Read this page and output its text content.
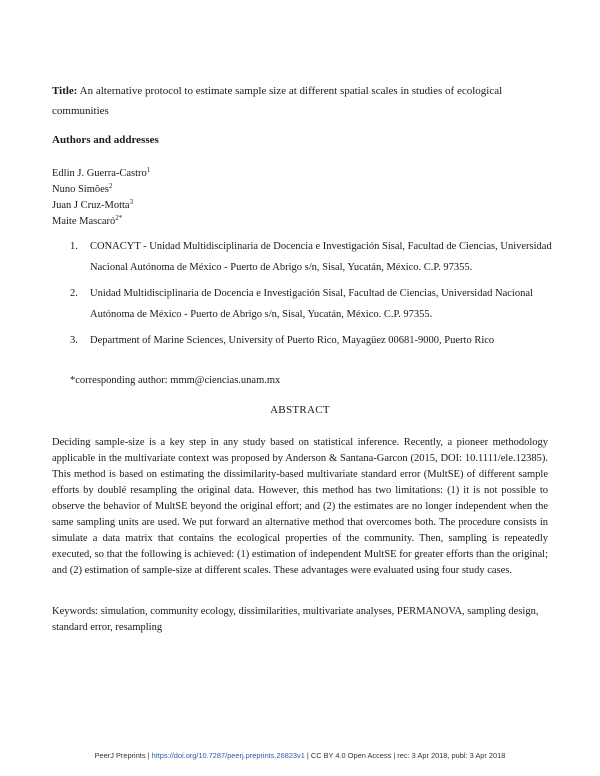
Title: An alternative protocol to estimate sample size at different spatial scales in studies of ecological communities
Authors and addresses
Edlin J. Guerra-Castro$^1$
Nuno Simões$^2$
Juan J Cruz-Motta$^3$
Maite Mascaró$^{2*}$
1. CONACYT - Unidad Multidisciplinaria de Docencia e Investigación Sisal, Facultad de Ciencias, Universidad Nacional Autónoma de México - Puerto de Abrigo s/n, Sisal, Yucatán, México. C.P. 97355.
2. Unidad Multidisciplinaria de Docencia e Investigación Sisal, Facultad de Ciencias, Universidad Nacional Autónoma de México - Puerto de Abrigo s/n, Sisal, Yucatán, México. C.P. 97355.
3. Department of Marine Sciences, University of Puerto Rico, Mayagüez 00681-9000, Puerto Rico
*corresponding author: mmm@ciencias.unam.mx
ABSTRACT
Deciding sample-size is a key step in any study based on statistical inference. Recently, a pioneer methodology applicable in the multivariate context was proposed by Anderson & Santana-Garcon (2015, DOI: 10.1111/ele.12385). This method is based on estimating the dissimilarity-based multivariate standard error (MultSE) of different sample efforts by doublé resampling the original data. However, this method has two limitations: (1) it is not possible to observe the behavior of MultSE beyond the original effort; and (2) the estimates are no longer independent when the same sampling units are used. We put forward an alternative method that overcomes both. The procedure consists in simulate a data matrix that contains the ecological properties of the community. Then, sampling is repeatedly executed, so that the following is achieved: (1) estimation of independent MultSE for greater efforts than the original; and (2) estimation of sample-size at different scales. These advantages were evaluated using four study cases.
Keywords: simulation, community ecology, dissimilarities, multivariate analyses, PERMANOVA, sampling design, standard error, resampling
PeerJ Preprints | https://doi.org/10.7287/peerj.preprints.26823v1 | CC BY 4.0 Open Access | rec: 3 Apr 2018, publ: 3 Apr 2018
